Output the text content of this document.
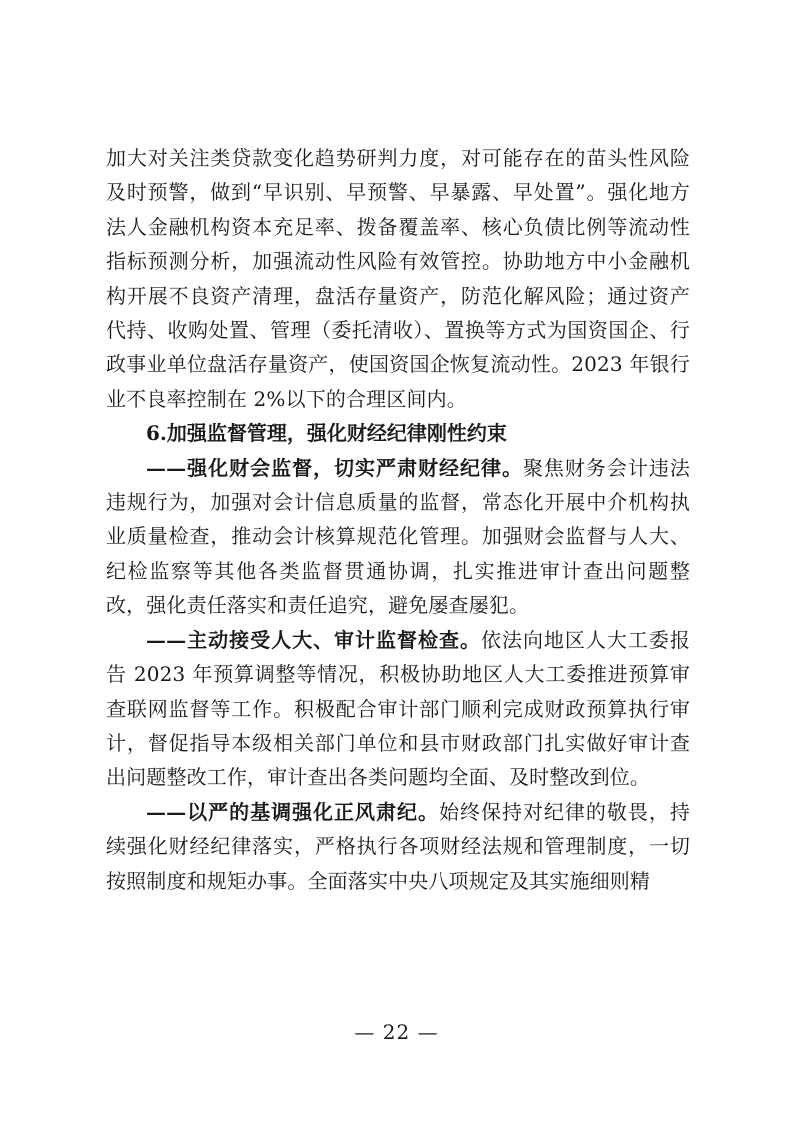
加大对关注类贷款变化趋势研判力度，对可能存在的苗头性风险及时预警，做到“早识别、早预警、早暴露、早处置”。强化地方法人金融机构资本充足率、拨备覆盖率、核心负债比例等流动性指标预测分析，加强流动性风险有效管控。协助地方中小金融机构开展不良资产清理，盘活存量资产，防范化解风险；通过资产代持、收购处置、管理（委托清收）、置换等方式为国资国企、行政事业单位盘活存量资产，使国资国企恢复流动性。2023 年银行业不良率控制在 2%以下的合理区间内。

6.加强监督管理，强化财经纪律刚性约束

——强化财会监督，切实严肃财经纪律。聚焦财务会计违法违规行为，加强对会计信息质量的监督，常态化开展中介机构执业质量检查，推动会计核算规范化管理。加强财会监督与人大、纪检监察等其他各类监督贯通协调，扎实推进审计查出问题整改，强化责任落实和责任追究，避免屡查屡犯。

——主动接受人大、审计监督检查。依法向地区人大工委报告 2023 年预算调整等情况，积极协助地区人大工委推进预算审查联网监督等工作。积极配合审计部门顺利完成财政预算执行审计，督促指导本级相关部门单位和县市财政部门扎实做好审计查出问题整改工作，审计查出各类问题均全面、及时整改到位。

——以严的基调强化正风肃纪。始终保持对纪律的敬畏，持续强化财经纪律落实，严格执行各项财经法规和管理制度，一切按照制度和规矩办事。全面落实中央八项规定及其实施细则精

— 22 —
